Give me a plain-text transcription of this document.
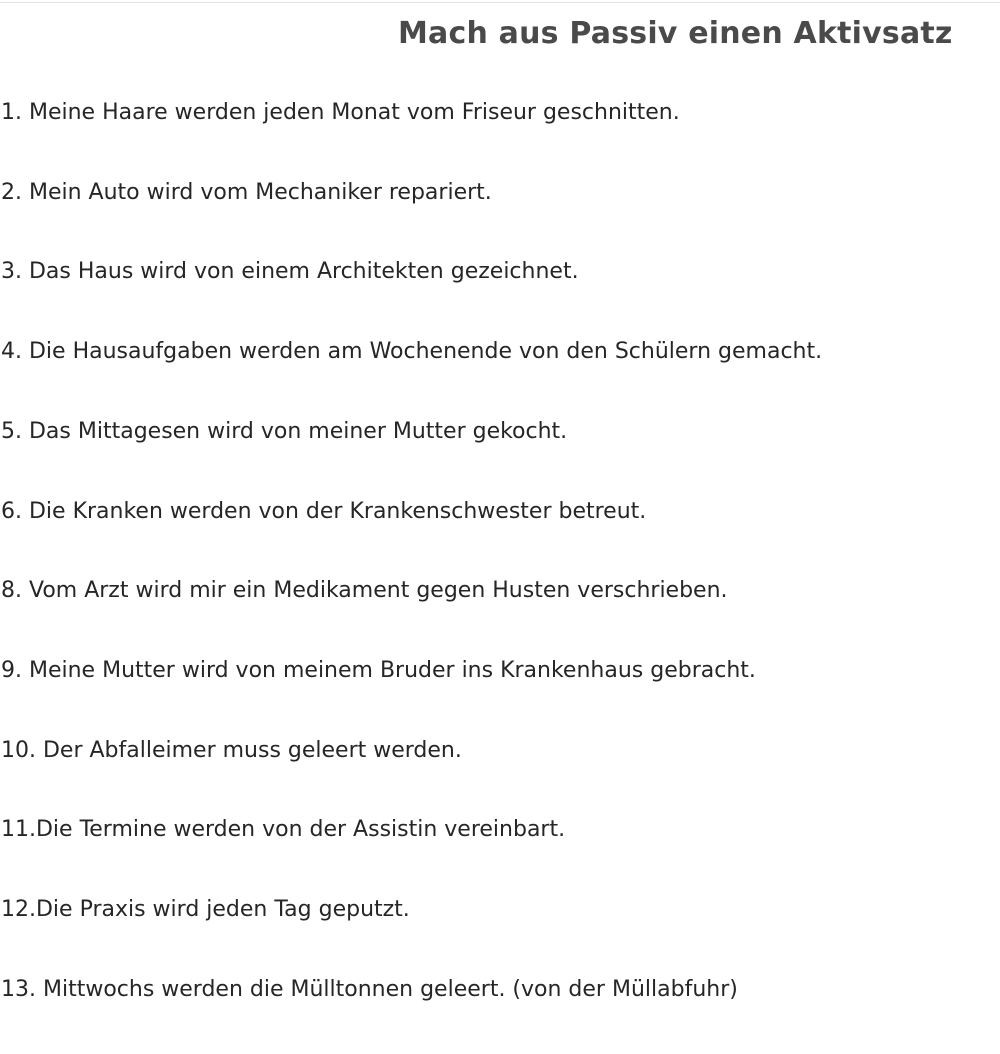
Mach aus Passiv einen Aktivsatz
1. Meine Haare werden jeden Monat vom Friseur geschnitten.
2. Mein Auto wird vom Mechaniker repariert.
3. Das Haus wird von einem Architekten gezeichnet.
4. Die Hausaufgaben werden am Wochenende von den Schülern gemacht.
5. Das Mittagesen wird von meiner Mutter gekocht.
6. Die Kranken werden von der Krankenschwester betreut.
8. Vom Arzt wird mir ein Medikament gegen Husten verschrieben.
9. Meine Mutter wird von meinem Bruder ins Krankenhaus gebracht.
10. Der Abfalleimer muss geleert werden.
11.Die Termine werden von der Assistin vereinbart.
12.Die Praxis wird jeden Tag geputzt.
13. Mittwochs werden die Mülltonnen geleert. (von der Müllabfuhr)
